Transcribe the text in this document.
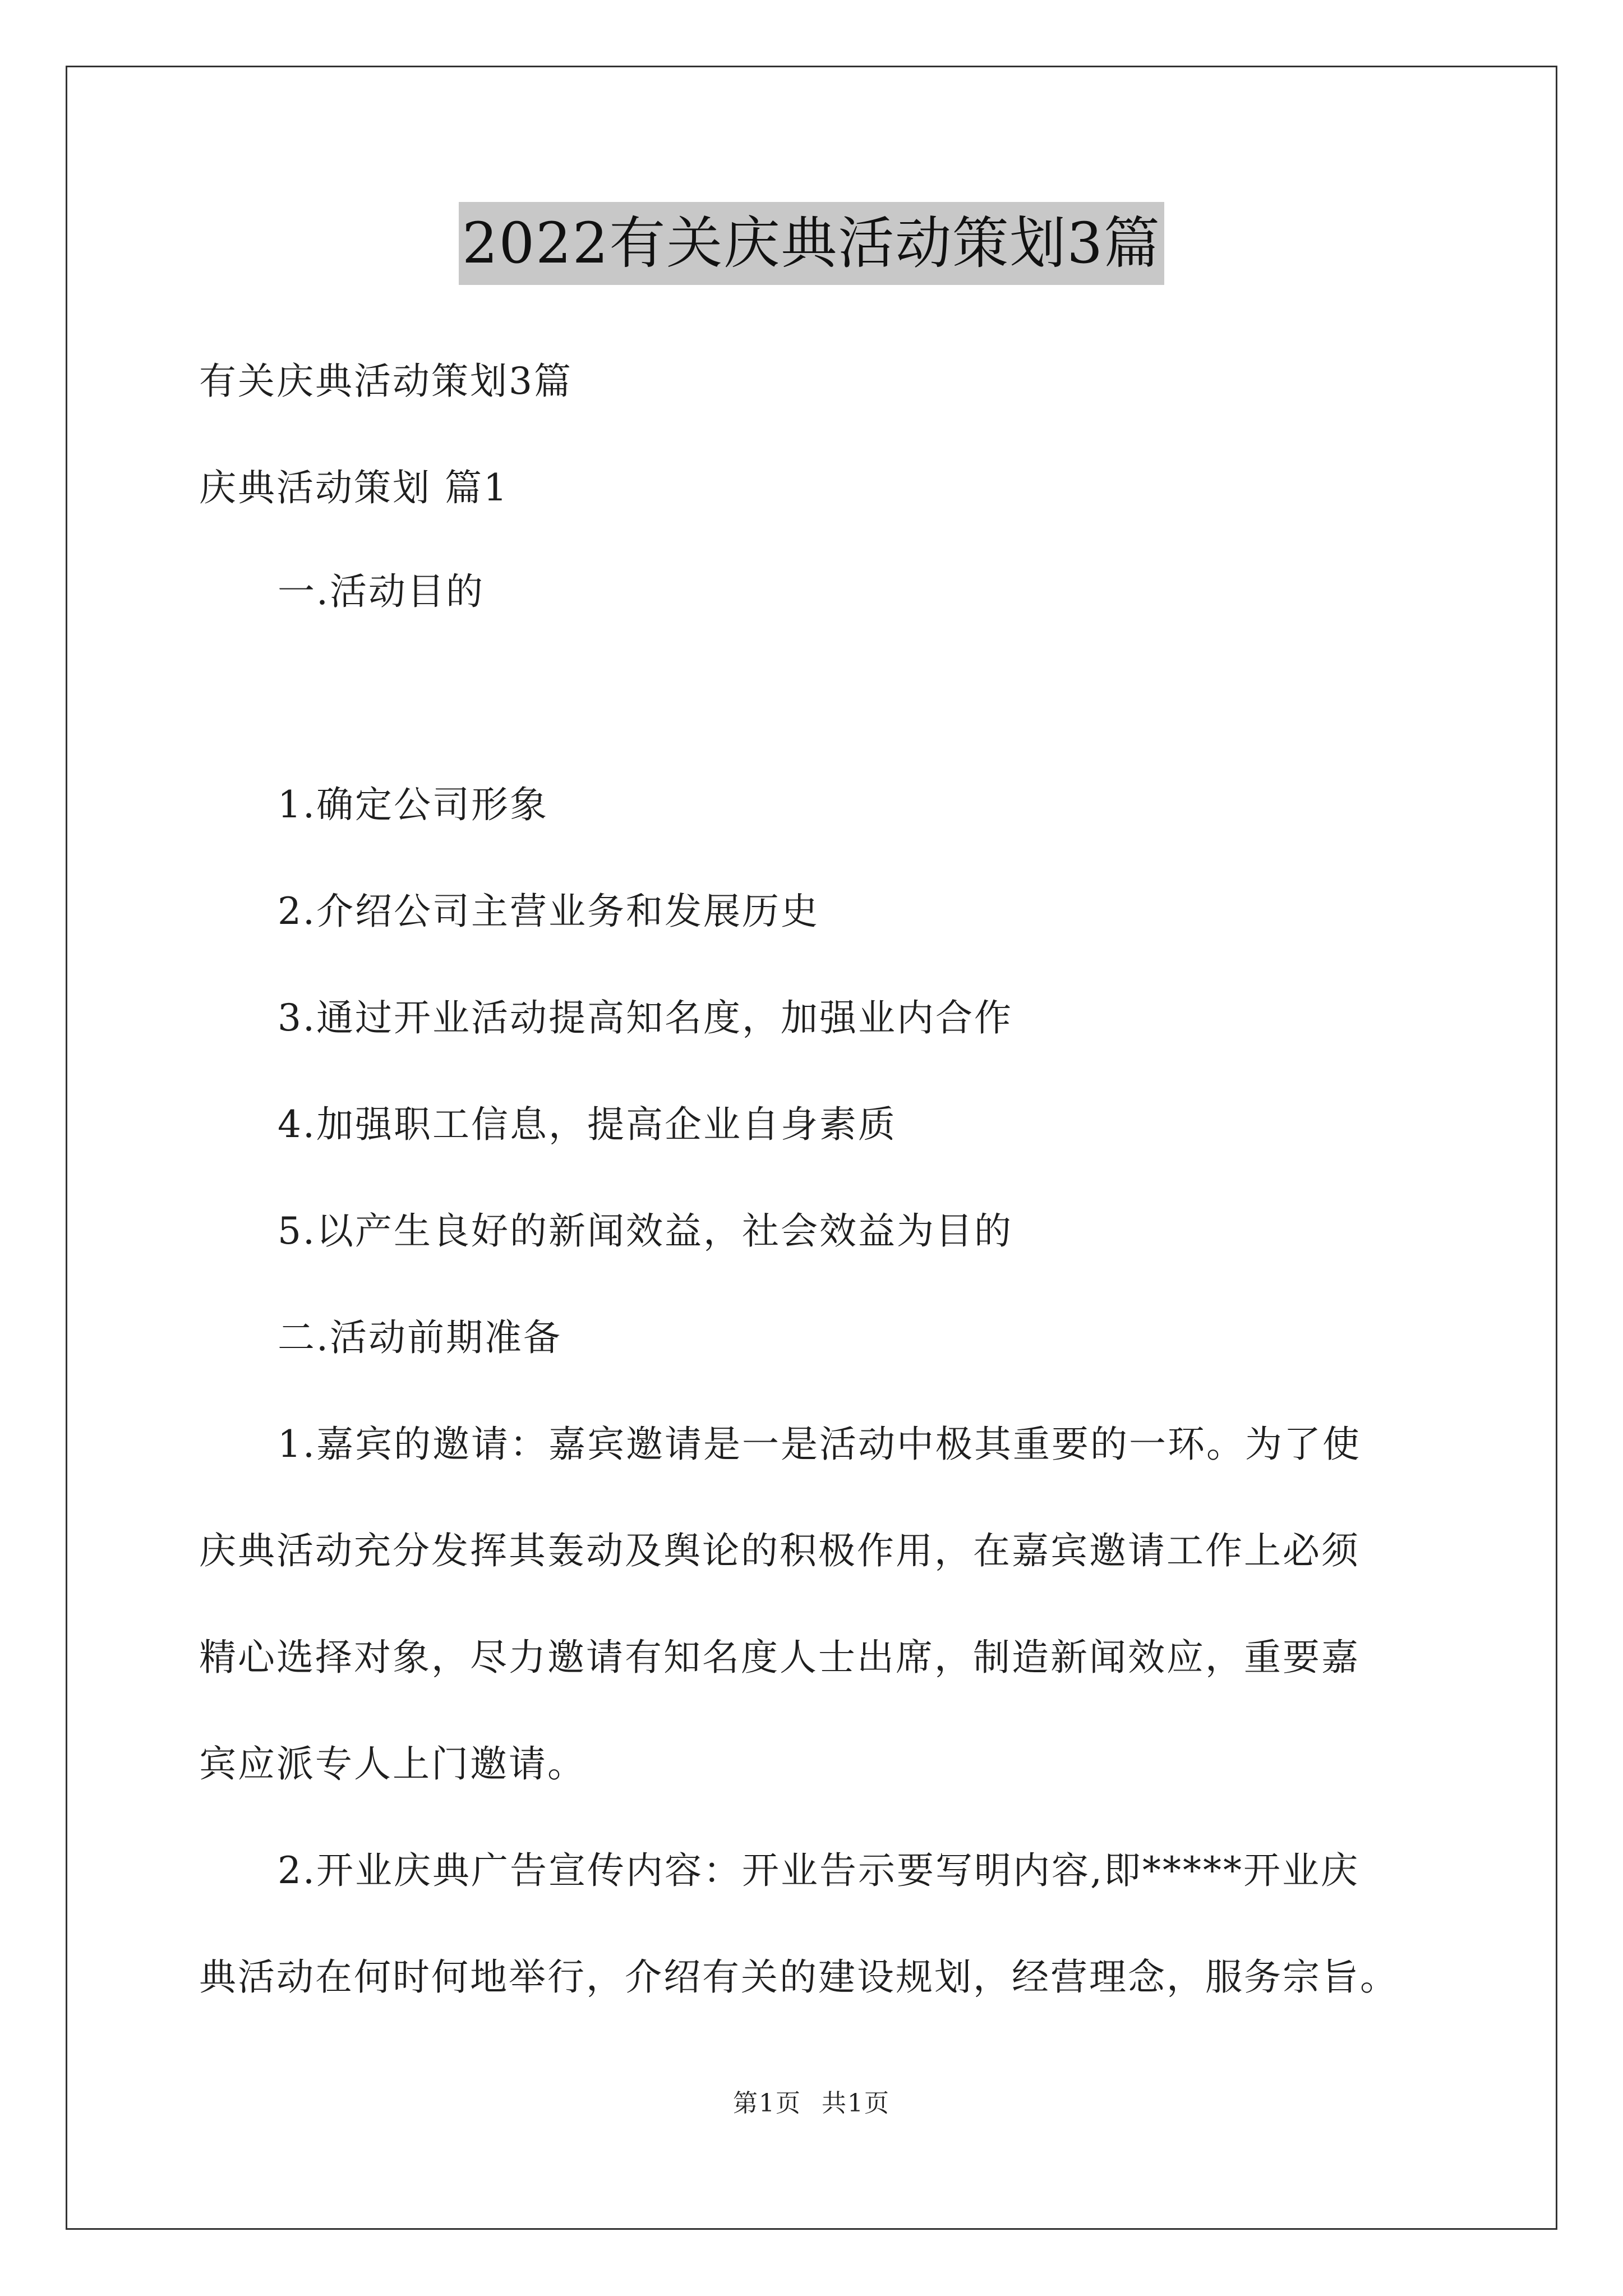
2022有关庆典活动策划3篇
有关庆典活动策划3篇
庆典活动策划 篇1
一.活动目的
1.确定公司形象
2.介绍公司主营业务和发展历史
3.通过开业活动提高知名度，加强业内合作
4.加强职工信息，提高企业自身素质
5.以产生良好的新闻效益，社会效益为目的
二.活动前期准备
1.嘉宾的邀请：嘉宾邀请是一是活动中极其重要的一环。为了使
庆典活动充分发挥其轰动及舆论的积极作用，在嘉宾邀请工作上必须
精心选择对象，尽力邀请有知名度人士出席，制造新闻效应，重要嘉
宾应派专人上门邀请。
2.开业庆典广告宣传内容：开业告示要写明内容,即*****开业庆
典活动在何时何地举行，介绍有关的建设规划，经营理念，服务宗旨。
第1页 共1页
